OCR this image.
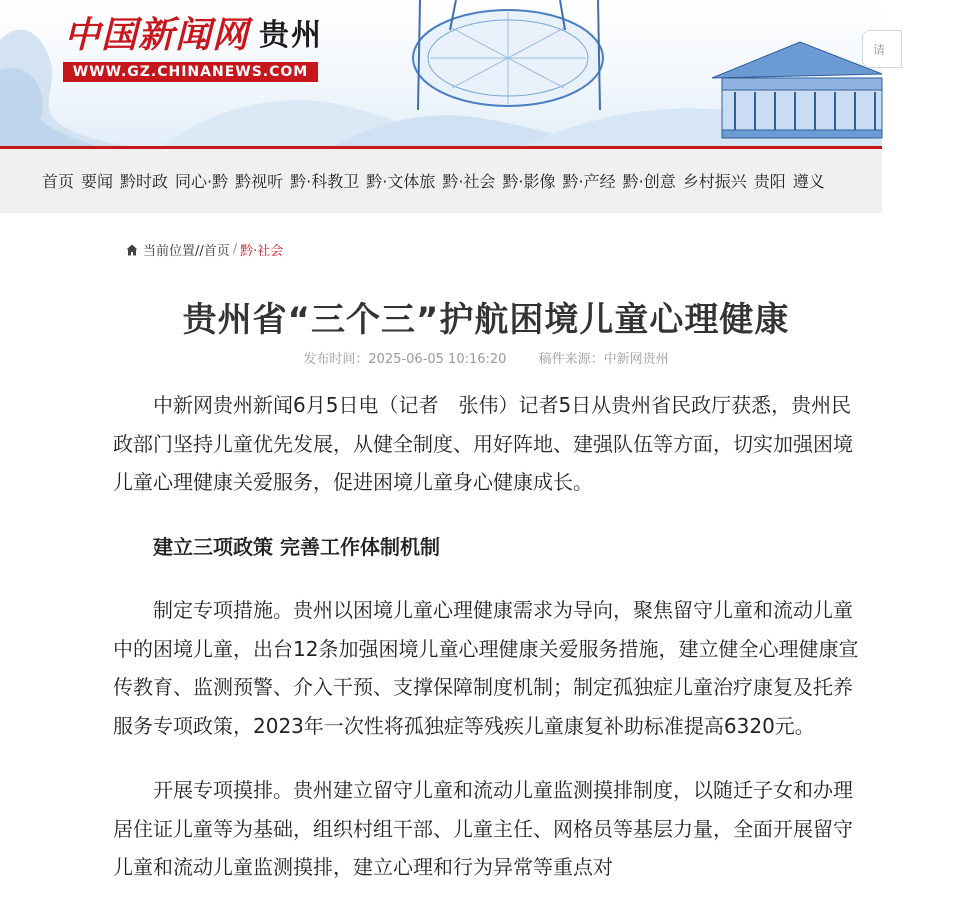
中国新闻网 贵州
WWW.GZ.CHINANEWS.COM
请
首页 要闻 黔时政 同心·黔 黔视听 黔·科教卫 黔·文体旅 黔·社会 黔·影像 黔·产经 黔·创意 乡村振兴 贵阳 遵义
当前位置// 首页 / 黔·社会
贵州省“三个三”护航困境儿童心理健康
发布时间：2025-06-05 10:16:20 稿件来源：中新网贵州

中新网贵州新闻6月5日电（记者　张伟）记者5日从贵州省民政厅获悉，贵州民政部门坚持儿童优先发展，从健全制度、用好阵地、建强队伍等方面，切实加强困境儿童心理健康关爱服务，促进困境儿童身心健康成长。

建立三项政策 完善工作体制机制

制定专项措施。贵州以困境儿童心理健康需求为导向，聚焦留守儿童和流动儿童中的困境儿童，出台12条加强困境儿童心理健康关爱服务措施，建立健全心理健康宣传教育、监测预警、介入干预、支撑保障制度机制；制定孤独症儿童治疗康复及托养服务专项政策，2023年一次性将孤独症等残疾儿童康复补助标准提高6320元。

开展专项摸排。贵州建立留守儿童和流动儿童监测摸排制度，以随迁子女和办理居住证儿童等为基础，组织村组干部、儿童主任、网格员等基层力量，全面开展留守儿童和流动儿童监测摸排，建立心理和行为异常等重点对
